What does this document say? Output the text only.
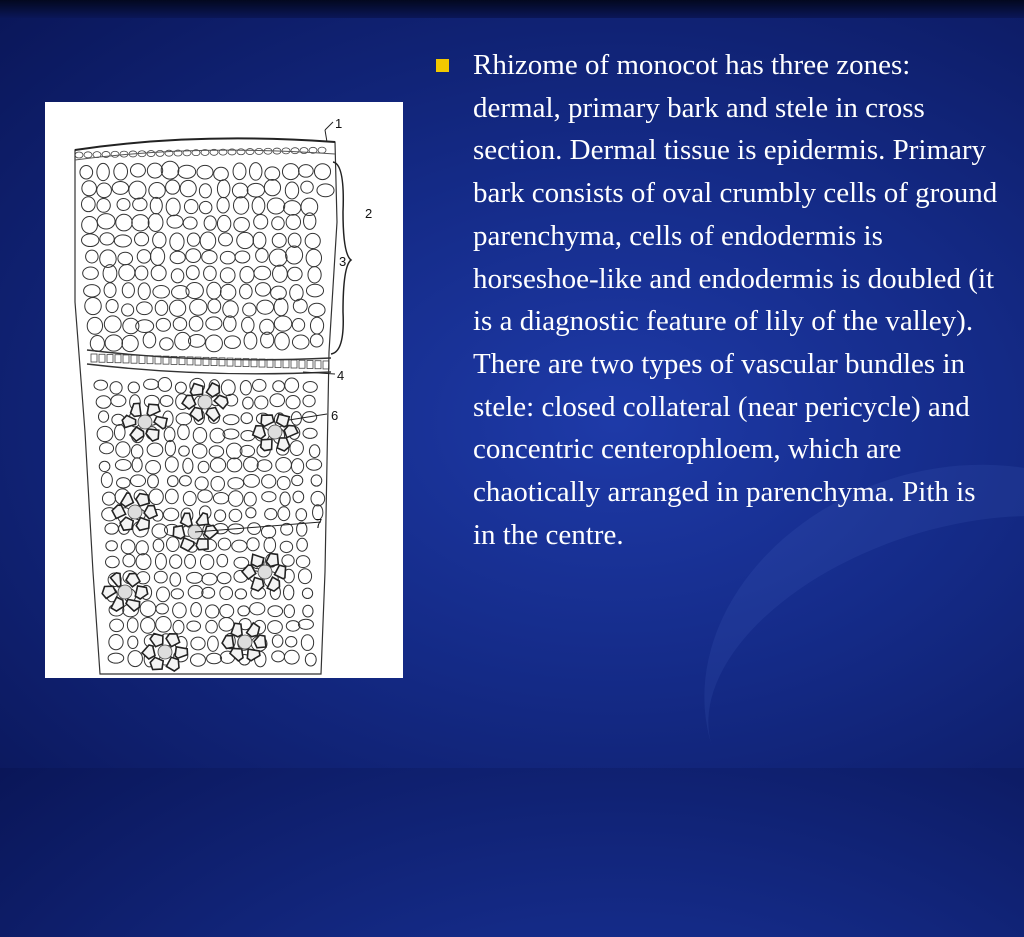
1
2
3
4
6
7

Rhizome of monocot has three zones: dermal, primary bark and stele in cross section. Dermal tissue is epidermis. Primary bark consists of oval crumbly cells of ground parenchyma, cells of endodermis is horseshoe-like and endodermis is doubled (it is a diagnostic feature of lily of the valley). There are two types of vascular bundles in stele: closed collateral (near pericycle) and concentric centerophloem, which are chaotically arranged in parenchyma. Pith is in the centre.
